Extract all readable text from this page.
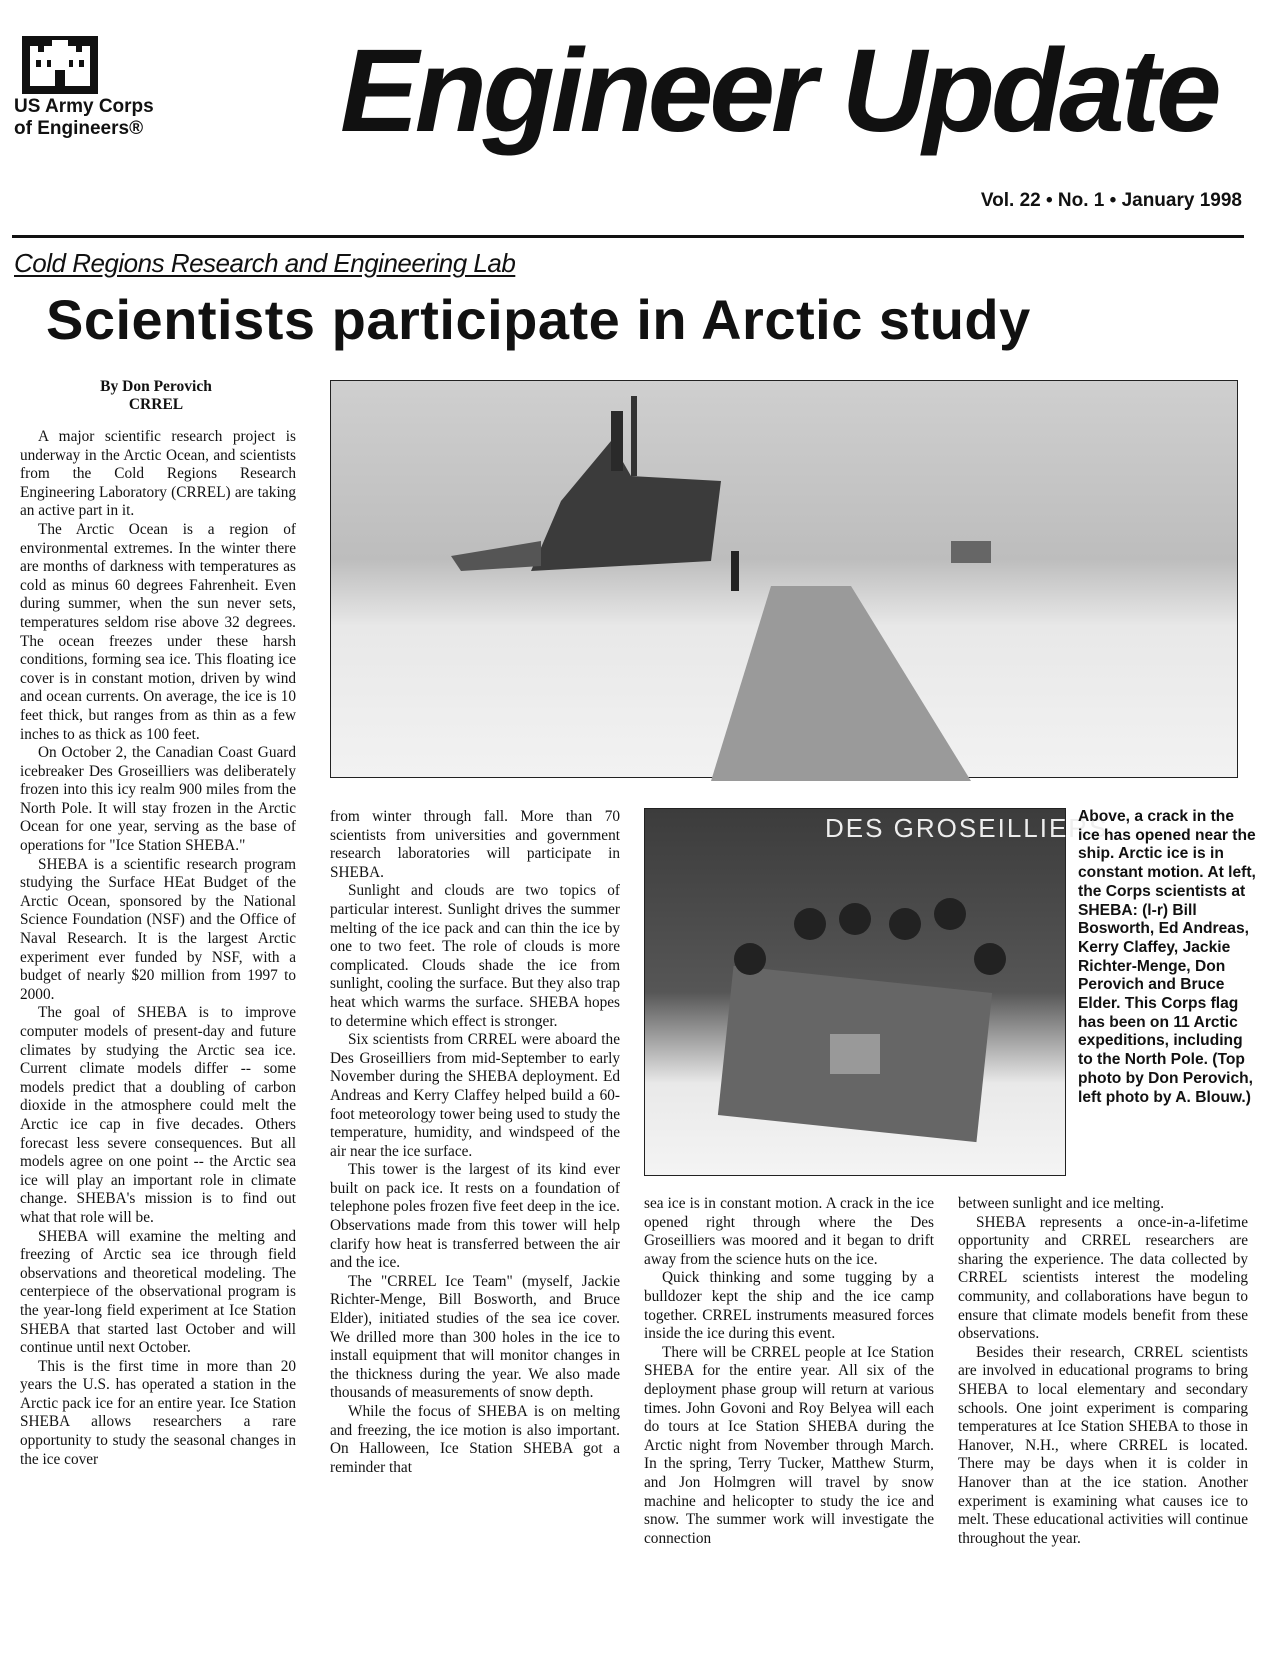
US Army Corps
of Engineers® Engineer Update
Vol. 22 • No. 1 • January 1998
Cold Regions Research and Engineering Lab
Scientists participate in Arctic study
By Don Perovich
CRREL

A major scientific research project is underway in the Arctic Ocean, and scientists from the Cold Regions Research Engineering Laboratory (CRREL) are taking an active part in it.

The Arctic Ocean is a region of environmental extremes. In the winter there are months of darkness with temperatures as cold as minus 60 degrees Fahrenheit. Even during summer, when the sun never sets, temperatures seldom rise above 32 degrees. The ocean freezes under these harsh conditions, forming sea ice. This floating ice cover is in constant motion, driven by wind and ocean currents. On average, the ice is 10 feet thick, but ranges from as thin as a few inches to as thick as 100 feet.

On October 2, the Canadian Coast Guard icebreaker Des Groseilliers was deliberately frozen into this icy realm 900 miles from the North Pole. It will stay frozen in the Arctic Ocean for one year, serving as the base of operations for "Ice Station SHEBA."

SHEBA is a scientific research program studying the Surface HEat Budget of the Arctic Ocean, sponsored by the National Science Foundation (NSF) and the Office of Naval Research. It is the largest Arctic experiment ever funded by NSF, with a budget of nearly $20 million from 1997 to 2000.

The goal of SHEBA is to improve computer models of present-day and future climates by studying the Arctic sea ice. Current climate models differ -- some models predict that a doubling of carbon dioxide in the atmosphere could melt the Arctic ice cap in five decades. Others forecast less severe consequences. But all models agree on one point -- the Arctic sea ice will play an important role in climate change. SHEBA's mission is to find out what that role will be.

SHEBA will examine the melting and freezing of Arctic sea ice through field observations and theoretical modeling. The centerpiece of the observational program is the year-long field experiment at Ice Station SHEBA that started last October and will continue until next October.

This is the first time in more than 20 years the U.S. has operated a station in the Arctic pack ice for an entire year. Ice Station SHEBA allows researchers a rare opportunity to study the seasonal changes in the ice cover

from winter through fall. More than 70 scientists from universities and government research laboratories will participate in SHEBA.

Sunlight and clouds are two topics of particular interest. Sunlight drives the summer melting of the ice pack and can thin the ice by one to two feet. The role of clouds is more complicated. Clouds shade the ice from sunlight, cooling the surface. But they also trap heat which warms the surface. SHEBA hopes to determine which effect is stronger.

Six scientists from CRREL were aboard the Des Groseilliers from mid-September to early November during the SHEBA deployment. Ed Andreas and Kerry Claffey helped build a 60-foot meteorology tower being used to study the temperature, humidity, and windspeed of the air near the ice surface.

This tower is the largest of its kind ever built on pack ice. It rests on a foundation of telephone poles frozen five feet deep in the ice. Observations made from this tower will help clarify how heat is transferred between the air and the ice.

The "CRREL Ice Team" (myself, Jackie Richter-Menge, Bill Bosworth, and Bruce Elder), initiated studies of the sea ice cover. We drilled more than 300 holes in the ice to install equipment that will monitor changes in the thickness during the year. We also made thousands of measurements of snow depth.

While the focus of SHEBA is on melting and freezing, the ice motion is also important. On Halloween, Ice Station SHEBA got a reminder that

DES GROSEILLIERS
Above, a crack in the ice has opened near the ship. Arctic ice is in constant motion. At left, the Corps scientists at SHEBA: (l-r) Bill Bosworth, Ed Andreas, Kerry Claffey, Jackie Richter-Menge, Don Perovich and Bruce Elder. This Corps flag has been on 11 Arctic expeditions, including to the North Pole. (Top photo by Don Perovich, left photo by A. Blouw.)

sea ice is in constant motion. A crack in the ice opened right through where the Des Groseilliers was moored and it began to drift away from the science huts on the ice.

Quick thinking and some tugging by a bulldozer kept the ship and the ice camp together. CRREL instruments measured forces inside the ice during this event.

There will be CRREL people at Ice Station SHEBA for the entire year. All six of the deployment phase group will return at various times. John Govoni and Roy Belyea will each do tours at Ice Station SHEBA during the Arctic night from November through March. In the spring, Terry Tucker, Matthew Sturm, and Jon Holmgren will travel by snow machine and helicopter to study the ice and snow. The summer work will investigate the connection

between sunlight and ice melting.

SHEBA represents a once-in-a-lifetime opportunity and CRREL researchers are sharing the experience. The data collected by CRREL scientists interest the modeling community, and collaborations have begun to ensure that climate models benefit from these observations.

Besides their research, CRREL scientists are involved in educational programs to bring SHEBA to local elementary and secondary schools. One joint experiment is comparing temperatures at Ice Station SHEBA to those in Hanover, N.H., where CRREL is located. There may be days when it is colder in Hanover than at the ice station. Another experiment is examining what causes ice to melt. These educational activities will continue throughout the year.
